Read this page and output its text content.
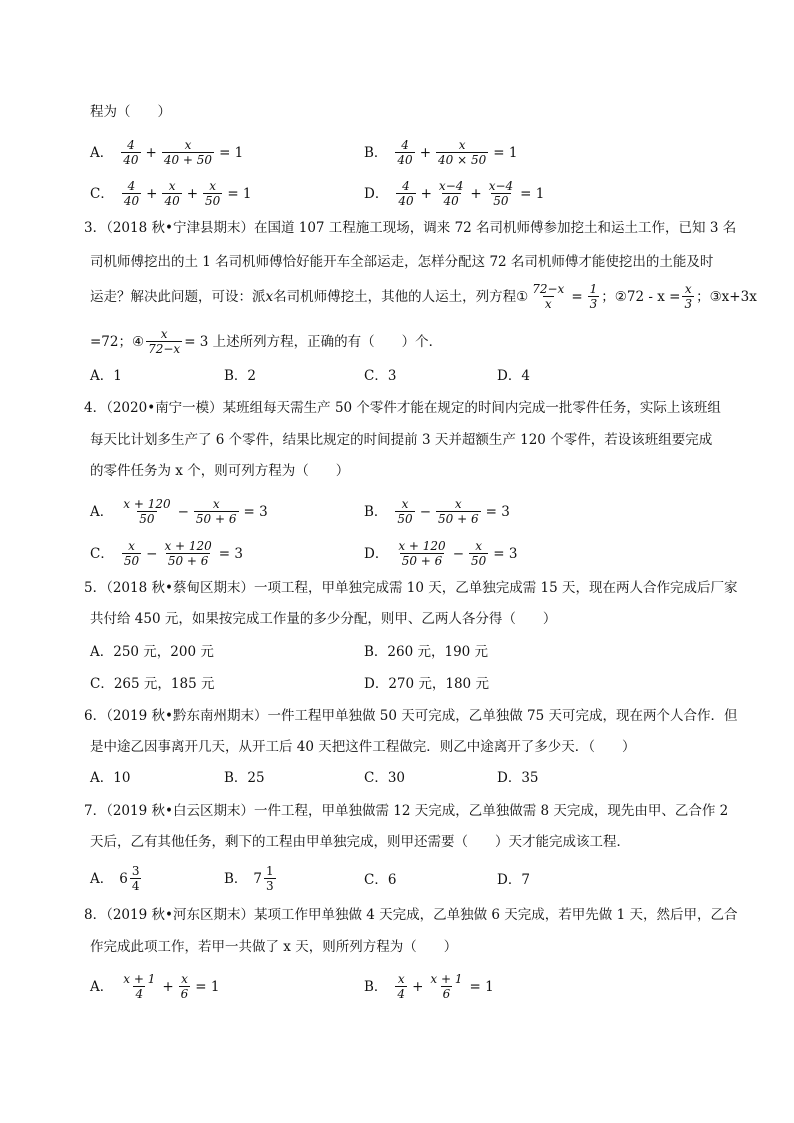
程为（　　）
A． $\frac{4}{40} + \frac{x}{40 + 50} = 1$	B． $\frac{4}{40} + \frac{x}{40 \times 50} = 1$
C． $\frac{4}{40} + \frac{x}{40} + \frac{x}{50} = 1$	D． $\frac{4}{40} + \frac{x-4}{40} + \frac{x-4}{50} = 1$
3．（2018 秋•宁津县期末）在国道 107 工程施工现场，调来 72 名司机师傅参加挖土和运土工作，已知 3 名
司机师傅挖出的土 1 名司机师傅恰好能开车全部运走，怎样分配这 72 名司机师傅才能使挖出的土能及时
运走？解决此问题，可设：派 x 名司机师傅挖土，其他的人运土，列方程 ① $\frac{72-x}{x} = \frac{1}{3}$ ； ②72 - $x = \frac{x}{3}$ ； ③x+3x
=72； ④ $\frac{x}{72-x} = 3$ 上述所列方程，正确的有（　　）个．
A．1	B．2	C．3	D．4
4．（2020•南宁一模）某班组每天需生产 50 个零件才能在规定的时间内完成一批零件任务，实际上该班组
每天比计划多生产了 6 个零件，结果比规定的时间提前 3 天并超额生产 120 个零件，若设该班组要完成
的零件任务为 x 个，则可列方程为（　　）
A． $\frac{x + 120}{50} - \frac{x}{50 + 6} = 3$	B． $\frac{x}{50} - \frac{x}{50 + 6} = 3$
C． $\frac{x}{50} - \frac{x + 120}{50 + 6} = 3$	D． $\frac{x + 120}{50 + 6} - \frac{x}{50} = 3$
5．（2018 秋•蔡甸区期末）一项工程，甲单独完成需 10 天，乙单独完成需 15 天，现在两人合作完成后厂家
共付给 450 元，如果按完成工作量的多少分配，则甲、乙两人各分得（　　）
A．250 元，200 元	B．260 元，190 元
C．265 元，185 元	D．270 元，180 元
6．（2019 秋•黔东南州期末）一件工程甲单独做 50 天可完成，乙单独做 75 天可完成，现在两个人合作．但
是中途乙因事离开几天，从开工后 40 天把这件工程做完．则乙中途离开了多少天．（　　）
A．10	B．25	C．30	D．35
7．（2019 秋•白云区期末）一件工程，甲单独做需 12 天完成，乙单独做需 8 天完成，现先由甲、乙合作 2
天后，乙有其他任务，剩下的工程由甲单独完成，则甲还需要（　　）天才能完成该工程．
A． $6 \frac{3}{4}$	B． $7 \frac{1}{3}$	C．6	D．7
8．（2019 秋•河东区期末）某项工作甲单独做 4 天完成，乙单独做 6 天完成，若甲先做 1 天，然后甲，乙合
作完成此项工作，若甲一共做了 x 天，则所列方程为（　　）
A． $\frac{x + 1}{4} + \frac{x}{6} = 1$	B． $\frac{x}{4} + \frac{x + 1}{6} = 1$
